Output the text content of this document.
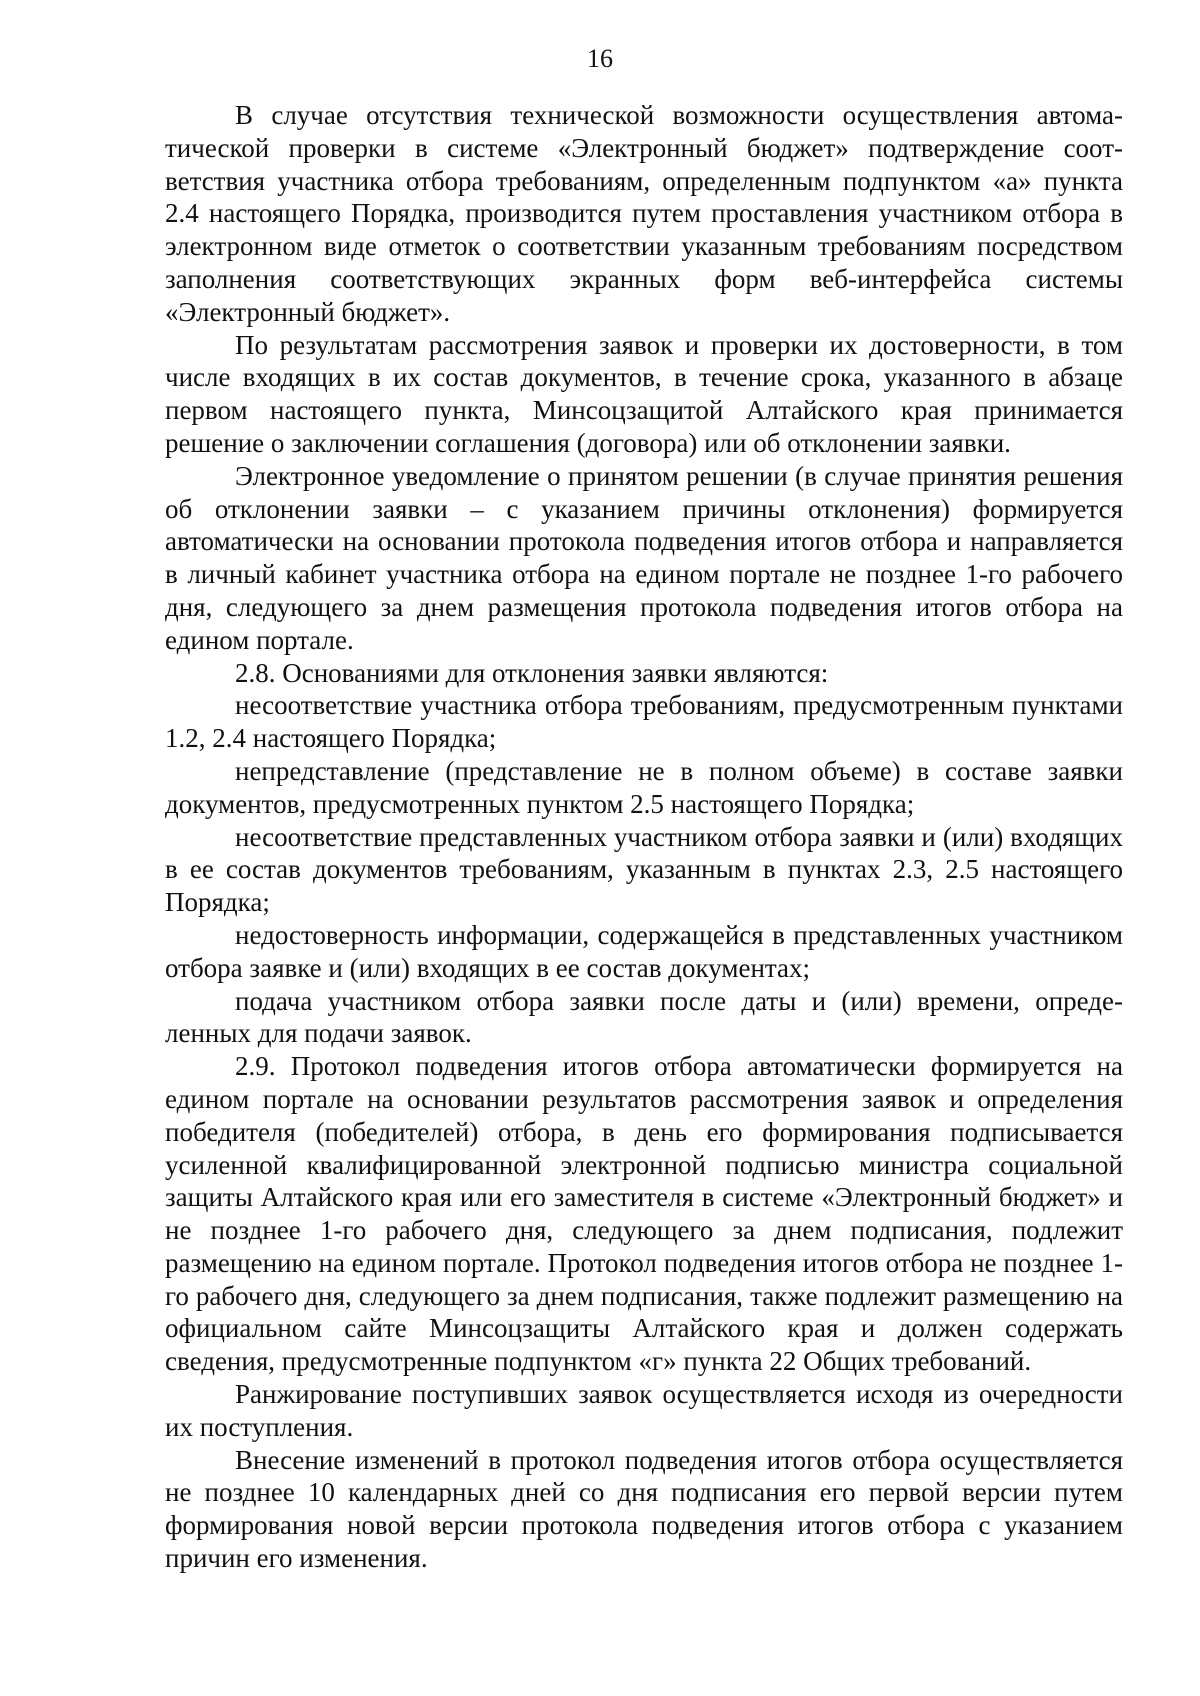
16

В случае отсутствия технической возможности осуществления автоматической проверки в системе «Электронный бюджет» подтверждение соответствия участника отбора требованиям, определенным подпунктом «а» пункта 2.4 настоящего Порядка, производится путем проставления участником отбора в электронном виде отметок о соответствии указанным требованиям посредством заполнения соответствующих экранных форм веб-интерфейса системы «Электронный бюджет».

По результатам рассмотрения заявок и проверки их достоверности, в том числе входящих в их состав документов, в течение срока, указанного в абзаце первом настоящего пункта, Минсоцзащитой Алтайского края принимается решение о заключении соглашения (договора) или об отклонении заявки.

Электронное уведомление о принятом решении (в случае принятия решения об отклонении заявки – с указанием причины отклонения) формируется автоматически на основании протокола подведения итогов отбора и направляется в личный кабинет участника отбора на едином портале не позднее 1-го рабочего дня, следующего за днем размещения протокола подведения итогов отбора на едином портале.

2.8. Основаниями для отклонения заявки являются:

несоответствие участника отбора требованиям, предусмотренным пунктами 1.2, 2.4 настоящего Порядка;

непредставление (представление не в полном объеме) в составе заявки документов, предусмотренных пунктом 2.5 настоящего Порядка;

несоответствие представленных участником отбора заявки и (или) входящих в ее состав документов требованиям, указанным в пунктах 2.3, 2.5 настоящего Порядка;

недостоверность информации, содержащейся в представленных участником отбора заявке и (или) входящих в ее состав документах;

подача участником отбора заявки после даты и (или) времени, определенных для подачи заявок.

2.9. Протокол подведения итогов отбора автоматически формируется на едином портале на основании результатов рассмотрения заявок и определения победителя (победителей) отбора, в день его формирования подписывается усиленной квалифицированной электронной подписью министра социальной защиты Алтайского края или его заместителя в системе «Электронный бюджет» и не позднее 1-го рабочего дня, следующего за днем подписания, подлежит размещению на едином портале. Протокол подведения итогов отбора не позднее 1-го рабочего дня, следующего за днем подписания, также подлежит размещению на официальном сайте Минсоцзащиты Алтайского края и должен содержать сведения, предусмотренные подпунктом «г» пункта 22 Общих требований.

Ранжирование поступивших заявок осуществляется исходя из очередности их поступления.

Внесение изменений в протокол подведения итогов отбора осуществляется не позднее 10 календарных дней со дня подписания его первой версии путем формирования новой версии протокола подведения итогов отбора с указанием причин его изменения.
